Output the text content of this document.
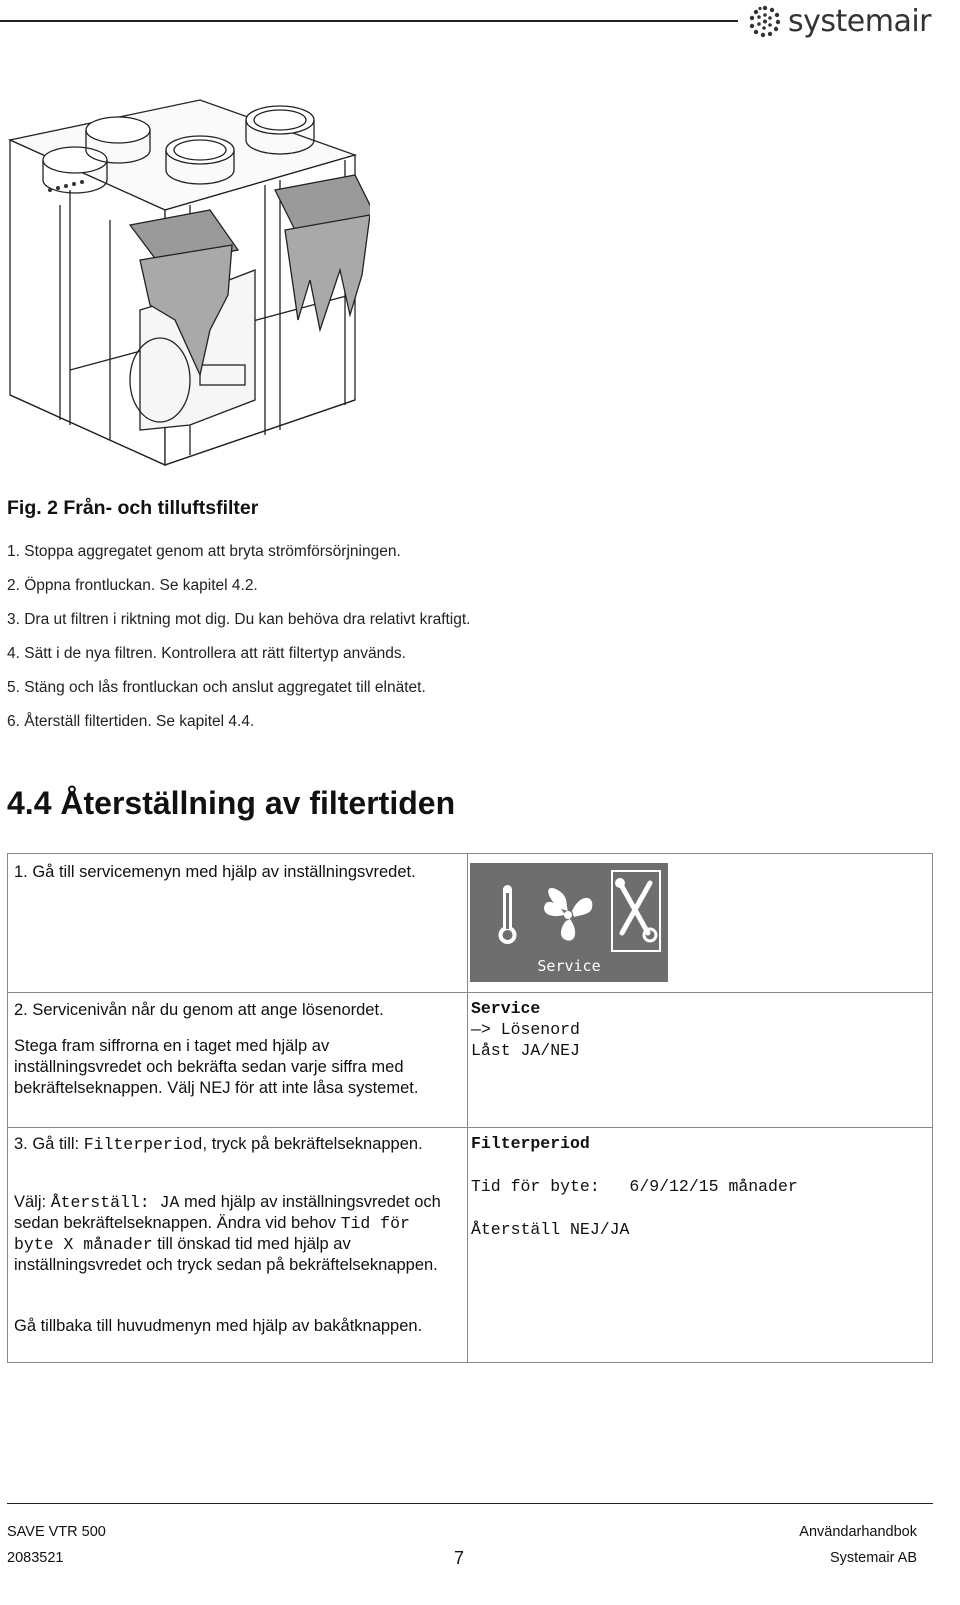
systemair
Fig. 2 Från- och tilluftsfilter
1. Stoppa aggregatet genom att bryta strömförsörjningen.
2. Öppna frontluckan. Se kapitel 4.2.
3. Dra ut filtren i riktning mot dig. Du kan behöva dra relativt kraftigt.
4. Sätt i de nya filtren. Kontrollera att rätt filtertyp används.
5. Stäng och lås frontluckan och anslut aggregatet till elnätet.
6. Återställ filtertiden. Se kapitel 4.4.
4.4 Återställning av filtertiden
1. Gå till servicemenyn med hjälp av inställningsvredet.
Service
2. Servicenivån når du genom att ange lösenordet.
Stega fram siffrorna en i taget med hjälp av inställningsvredet och bekräfta sedan varje siffra med bekräftelseknappen. Välj NEJ för att inte låsa systemet.
Service
—> Lösenord
Låst JA/NEJ
3. Gå till: Filterperiod, tryck på bekräftelseknappen.
Välj: Återställ: JA med hjälp av inställningsvredet och sedan bekräftelseknappen. Ändra vid behov Tid för byte X månader till önskad tid med hjälp av inställningsvredet och tryck sedan på bekräftelseknappen.
Gå tillbaka till huvudmenyn med hjälp av bakåtknappen.
Filterperiod
Tid för byte:   6/9/12/15 månader
Återställ NEJ/JA
SAVE VTR 500
2083521	7
Användarhandbok
Systemair AB
